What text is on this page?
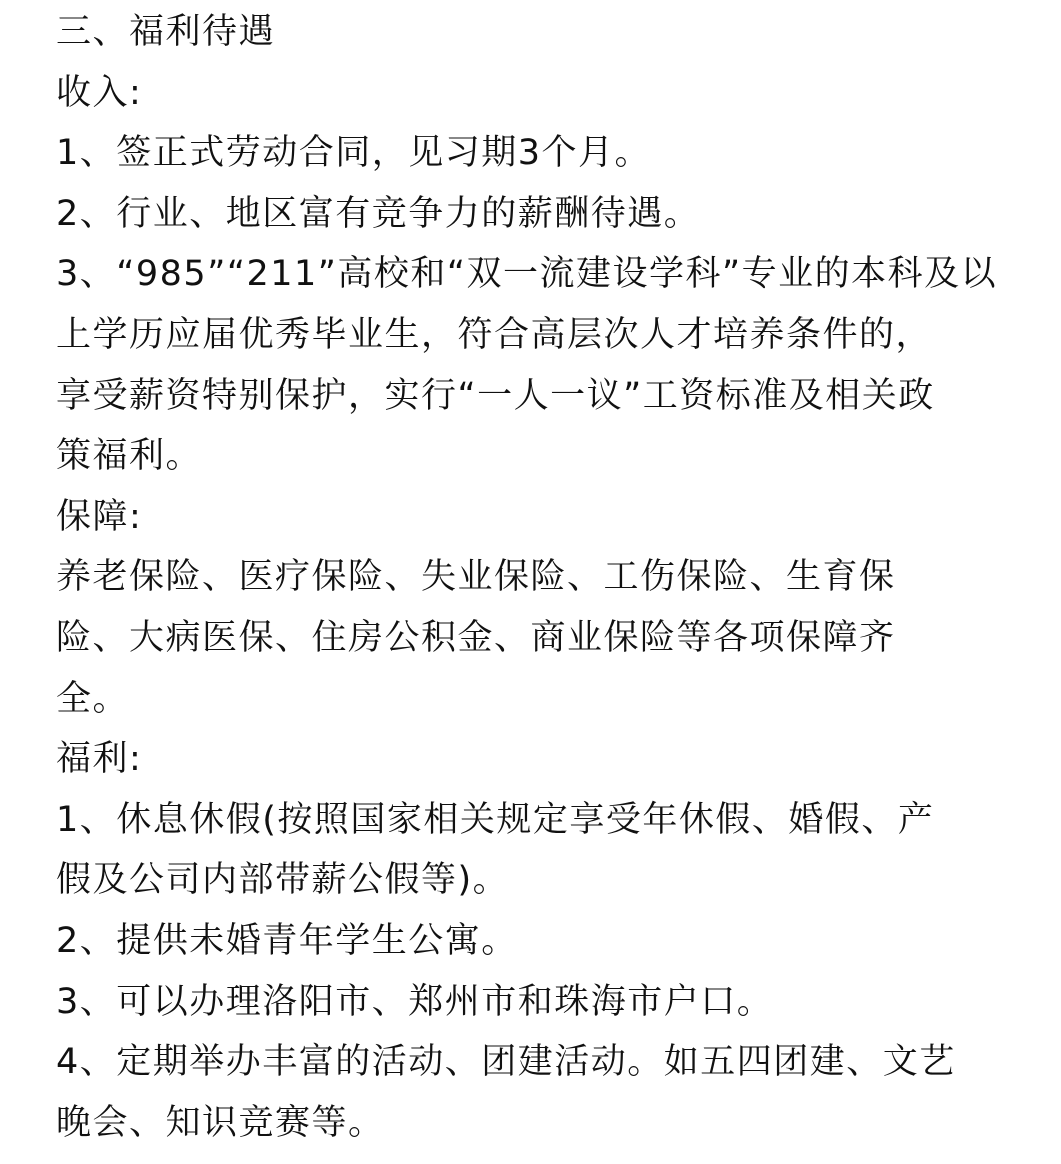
三、福利待遇
收入:
1、签正式劳动合同，见习期3个月。
2、行业、地区富有竞争力的薪酬待遇。
3、“985”“211”高校和“双一流建设学科”专业的本科及以
上学历应届优秀毕业生，符合高层次人才培养条件的，
享受薪资特别保护，实行“一人一议”工资标准及相关政
策福利。
保障:
养老保险、医疗保险、失业保险、工伤保险、生育保
险、大病医保、住房公积金、商业保险等各项保障齐
全。
福利:
1、休息休假(按照国家相关规定享受年休假、婚假、产
假及公司内部带薪公假等)。
2、提供未婚青年学生公寓。
3、可以办理洛阳市、郑州市和珠海市户口。
4、定期举办丰富的活动、团建活动。如五四团建、文艺
晚会、知识竞赛等。
